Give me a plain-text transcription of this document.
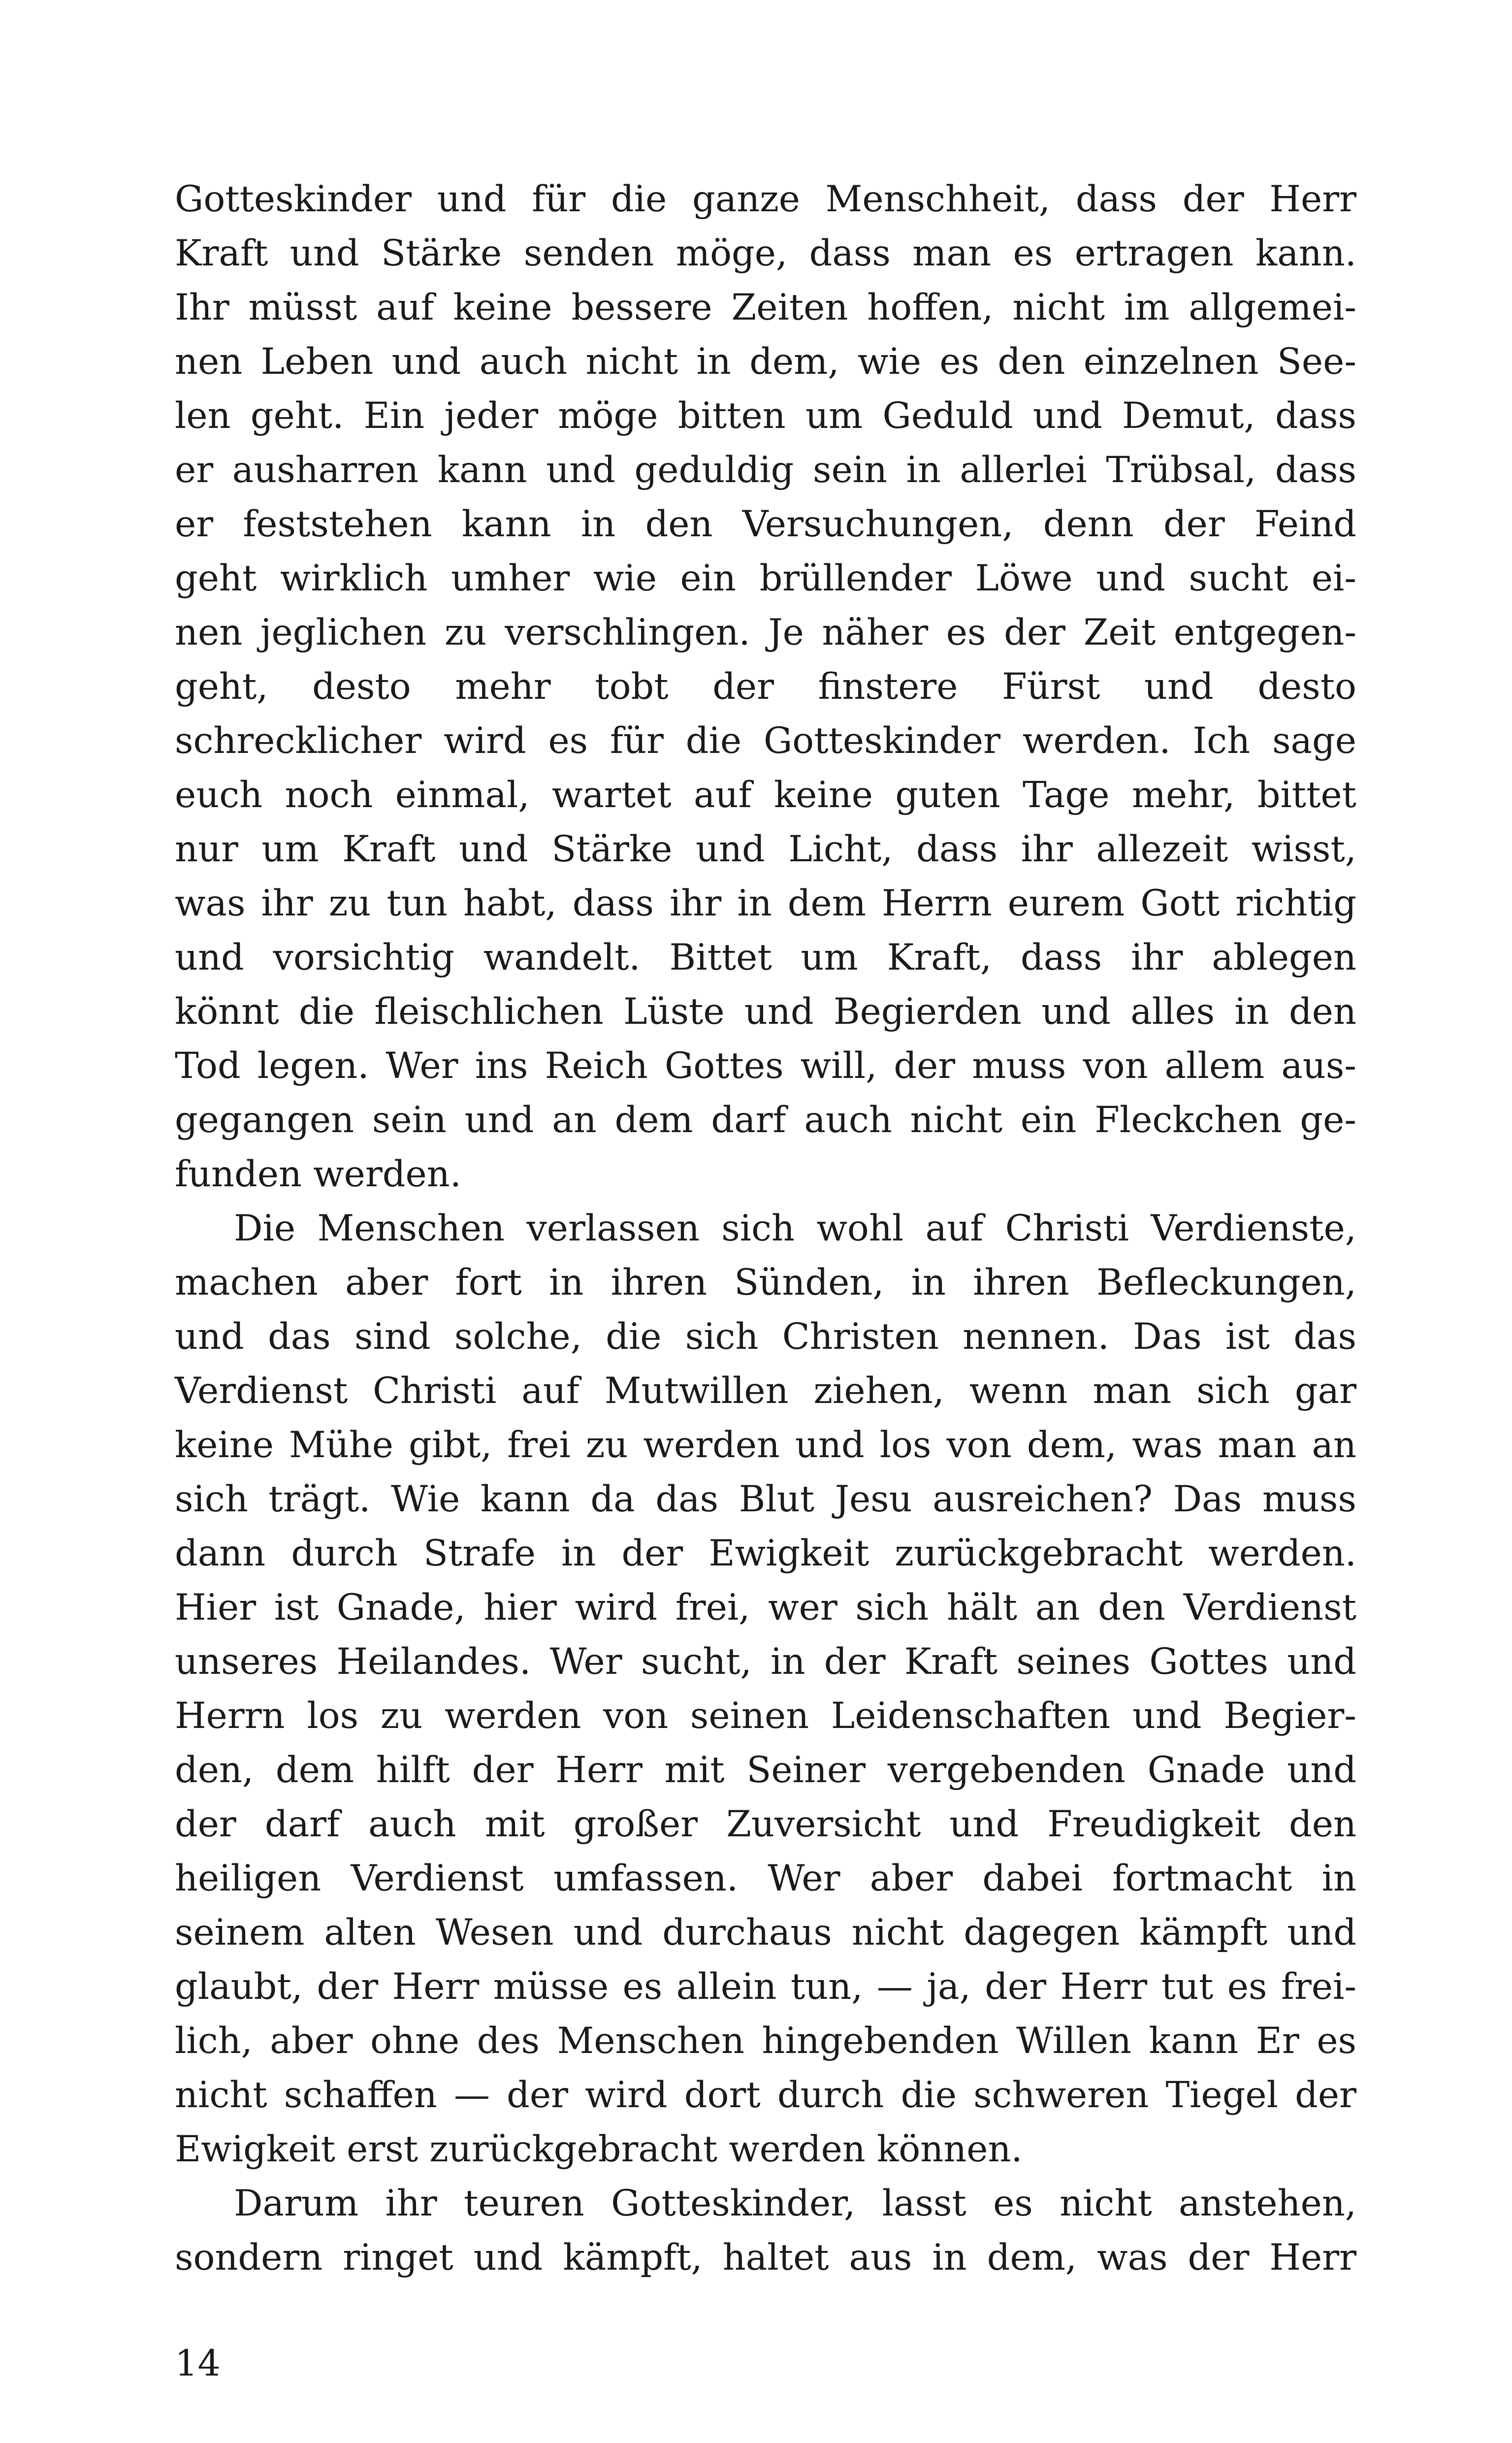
Gotteskinder und für die ganze Menschheit, dass der Herr
Kraft und Stärke senden möge, dass man es ertragen kann.
Ihr müsst auf keine bessere Zeiten hoffen, nicht im allgemei-
nen Leben und auch nicht in dem, wie es den einzelnen See-
len geht. Ein jeder möge bitten um Geduld und Demut, dass
er ausharren kann und geduldig sein in allerlei Trübsal, dass
er feststehen kann in den Versuchungen, denn der Feind
geht wirklich umher wie ein brüllender Löwe und sucht ei-
nen jeglichen zu verschlingen. Je näher es der Zeit entgegen-
geht, desto mehr tobt der finstere Fürst und desto
schrecklicher wird es für die Gotteskinder werden. Ich sage
euch noch einmal, wartet auf keine guten Tage mehr, bittet
nur um Kraft und Stärke und Licht, dass ihr allezeit wisst,
was ihr zu tun habt, dass ihr in dem Herrn eurem Gott richtig
und vorsichtig wandelt. Bittet um Kraft, dass ihr ablegen
könnt die fleischlichen Lüste und Begierden und alles in den
Tod legen. Wer ins Reich Gottes will, der muss von allem aus-
gegangen sein und an dem darf auch nicht ein Fleckchen ge-
funden werden.
Die Menschen verlassen sich wohl auf Christi Verdienste,
machen aber fort in ihren Sünden, in ihren Befleckungen,
und das sind solche, die sich Christen nennen. Das ist das
Verdienst Christi auf Mutwillen ziehen, wenn man sich gar
keine Mühe gibt, frei zu werden und los von dem, was man an
sich trägt. Wie kann da das Blut Jesu ausreichen? Das muss
dann durch Strafe in der Ewigkeit zurückgebracht werden.
Hier ist Gnade, hier wird frei, wer sich hält an den Verdienst
unseres Heilandes. Wer sucht, in der Kraft seines Gottes und
Herrn los zu werden von seinen Leidenschaften und Begier-
den, dem hilft der Herr mit Seiner vergebenden Gnade und
der darf auch mit großer Zuversicht und Freudigkeit den
heiligen Verdienst umfassen. Wer aber dabei fortmacht in
seinem alten Wesen und durchaus nicht dagegen kämpft und
glaubt, der Herr müsse es allein tun, — ja, der Herr tut es frei-
lich, aber ohne des Menschen hingebenden Willen kann Er es
nicht schaffen — der wird dort durch die schweren Tiegel der
Ewigkeit erst zurückgebracht werden können.
Darum ihr teuren Gotteskinder, lasst es nicht anstehen,
sondern ringet und kämpft, haltet aus in dem, was der Herr
14
